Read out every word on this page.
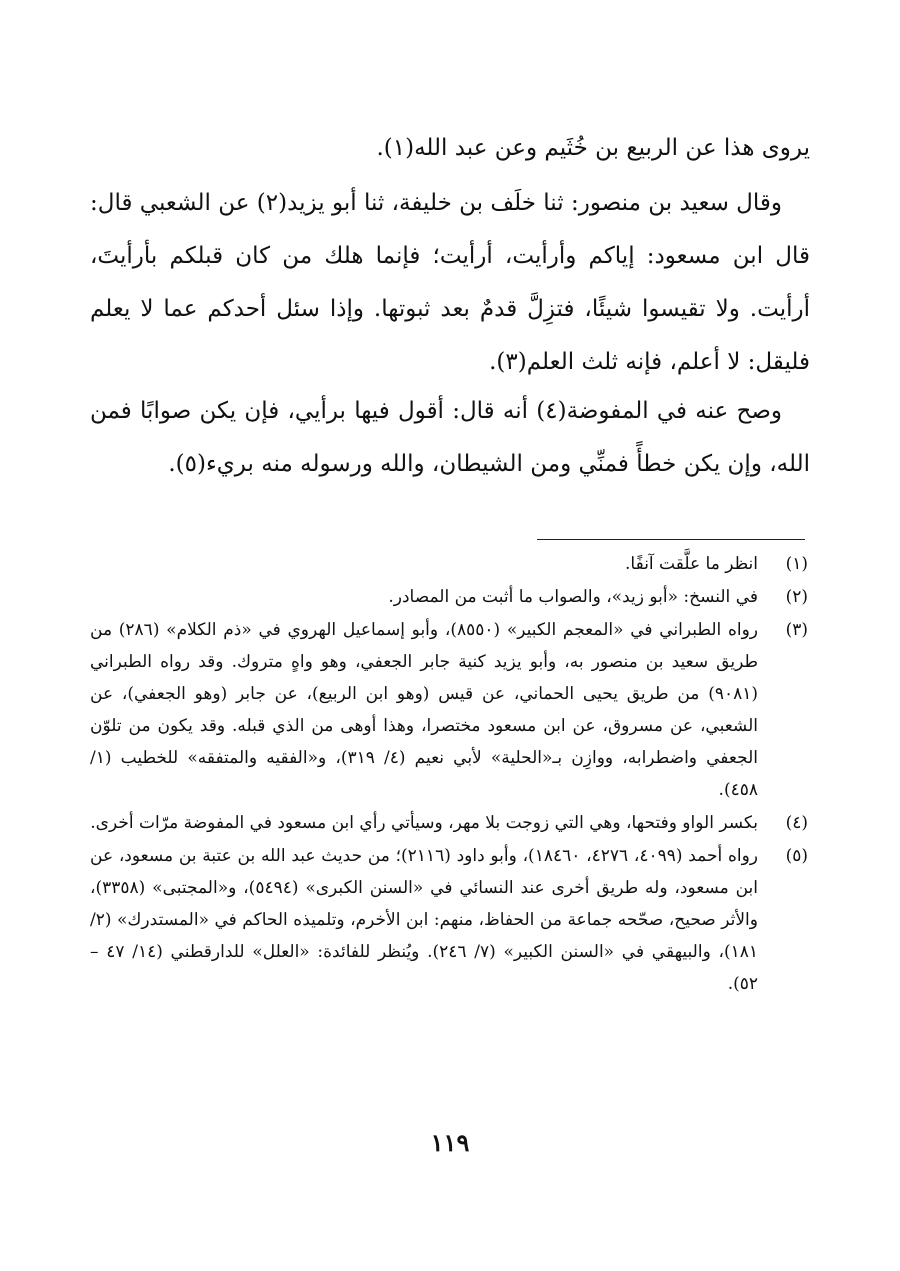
يروى هذا عن الربيع بن خُثَيم وعن عبد الله(١).

وقال سعيد بن منصور: ثنا خلَف بن خليفة، ثنا أبو يزيد(٢) عن الشعبي قال: قال ابن مسعود: إياكم وأرأيت، أرأيت؛ فإنما هلك من كان قبلكم بأرأيتَ، أرأيت. ولا تقيسوا شيئًا، فتزِلَّ قدمٌ بعد ثبوتها. وإذا سئل أحدكم عما لا يعلم فليقل: لا أعلم، فإنه ثلث العلم(٣).

وصح عنه في المفوضة(٤) أنه قال: أقول فيها برأيي، فإن يكن صوابًا فمن الله، وإن يكن خطأً فمنِّي ومن الشيطان، والله ورسوله منه بريء(٥).

(١)
انظر ما علَّقت آنفًا.
(٢)
في النسخ: «أبو زيد»، والصواب ما أثبت من المصادر.
(٣)
رواه الطبراني في «المعجم الكبير» (٨٥٥٠)، وأبو إسماعيل الهروي في «ذم الكلام» (٢٨٦) من طريق سعيد بن منصور به، وأبو يزيد كنية جابر الجعفي، وهو واهٍ متروك. وقد رواه الطبراني (٩٠٨١) من طريق يحيى الحماني، عن قيس (وهو ابن الربيع)، عن جابر (وهو الجعفي)، عن الشعبي، عن مسروق، عن ابن مسعود مختصرا، وهذا أوهى من الذي قبله. وقد يكون من تلوّن الجعفي واضطرابه، ووازِن بـ«الحلية» لأبي نعيم (٤/ ٣١٩)، و«الفقيه والمتفقه» للخطيب (١/ ٤٥٨).
(٤)
بكسر الواو وفتحها، وهي التي زوجت بلا مهر، وسيأتي رأي ابن مسعود في المفوضة مرّات أخرى.
(٥)
رواه أحمد (٤٠٩٩، ٤٢٧٦، ١٨٤٦٠)، وأبو داود (٢١١٦)؛ من حديث عبد الله بن عتبة بن مسعود، عن ابن مسعود، وله طريق أخرى عند النسائي في «السنن الكبرى» (٥٤٩٤)، و«المجتبى» (٣٣٥٨)، والأثر صحيح، صحّحه جماعة من الحفاظ، منهم: ابن الأخرم، وتلميذه الحاكم في «المستدرك» (٢/ ١٨١)، والبيهقي في «السنن الكبير» (٧/ ٢٤٦). ويُنظر للفائدة: «العلل» للدارقطني (١٤/ ٤٧ – ٥٢).
١١٩
